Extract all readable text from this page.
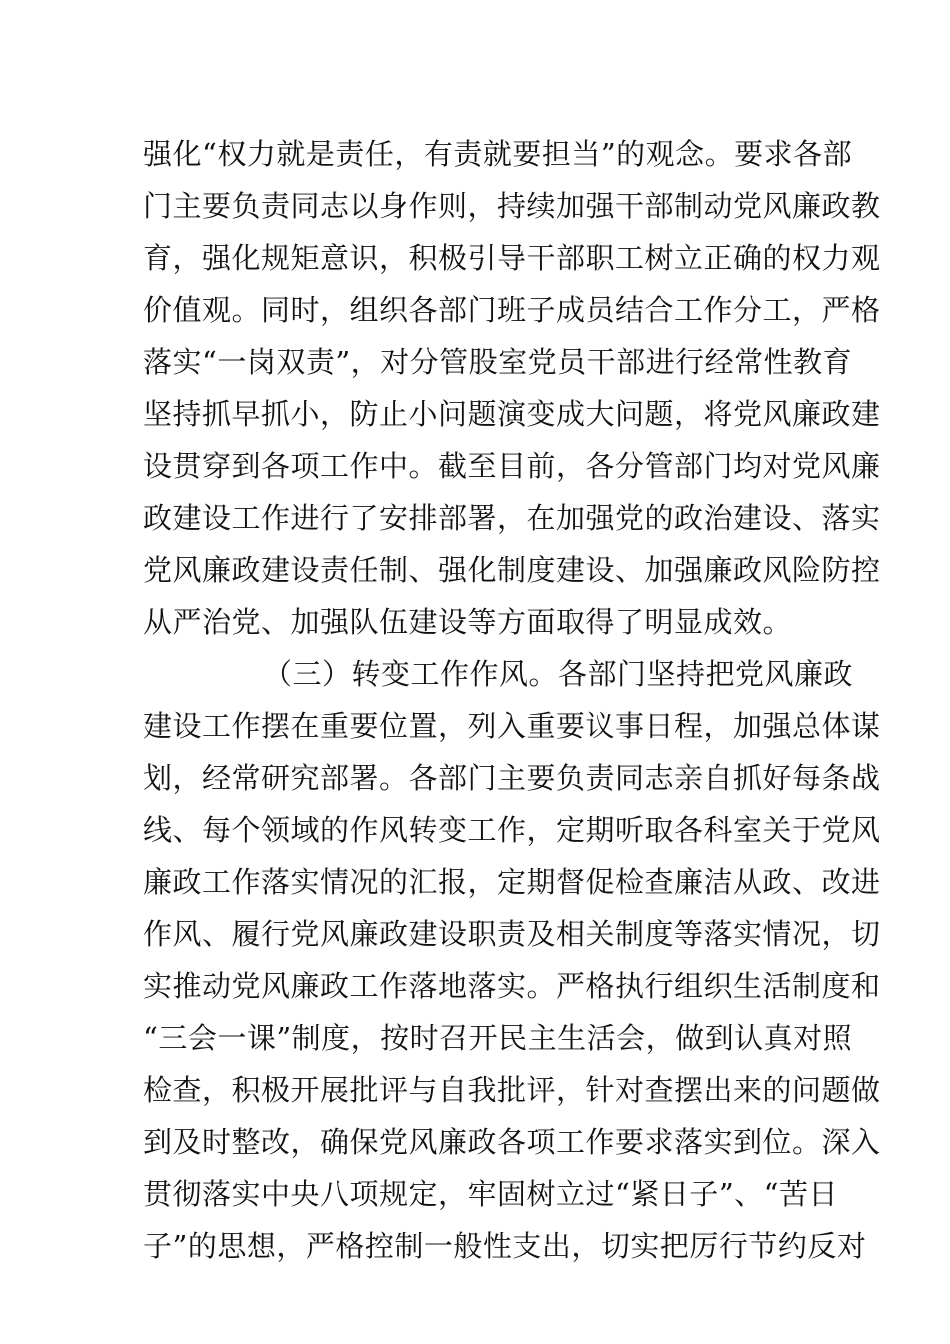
强化“权力就是责任，有责就要担当”的观念。要求各部
门主要负责同志以身作则，持续加强干部制动党风廉政教
育，强化规矩意识，积极引导干部职工树立正确的权力观
价值观。同时，组织各部门班子成员结合工作分工，严格
落实“一岗双责”，对分管股室党员干部进行经常性教育
坚持抓早抓小，防止小问题演变成大问题，将党风廉政建
设贯穿到各项工作中。截至目前，各分管部门均对党风廉
政建设工作进行了安排部署，在加强党的政治建设、落实
党风廉政建设责任制、强化制度建设、加强廉政风险防控
从严治党、加强队伍建设等方面取得了明显成效。
（三）转变工作作风。各部门坚持把党风廉政
建设工作摆在重要位置，列入重要议事日程，加强总体谋
划，经常研究部署。各部门主要负责同志亲自抓好每条战
线、每个领域的作风转变工作，定期听取各科室关于党风
廉政工作落实情况的汇报，定期督促检查廉洁从政、改进
作风、履行党风廉政建设职责及相关制度等落实情况，切
实推动党风廉政工作落地落实。严格执行组织生活制度和
“三会一课”制度，按时召开民主生活会，做到认真对照
检查，积极开展批评与自我批评，针对查摆出来的问题做
到及时整改，确保党风廉政各项工作要求落实到位。深入
贯彻落实中央八项规定，牢固树立过“紧日子”、“苦日
子”的思想，严格控制一般性支出，切实把厉行节约反对
